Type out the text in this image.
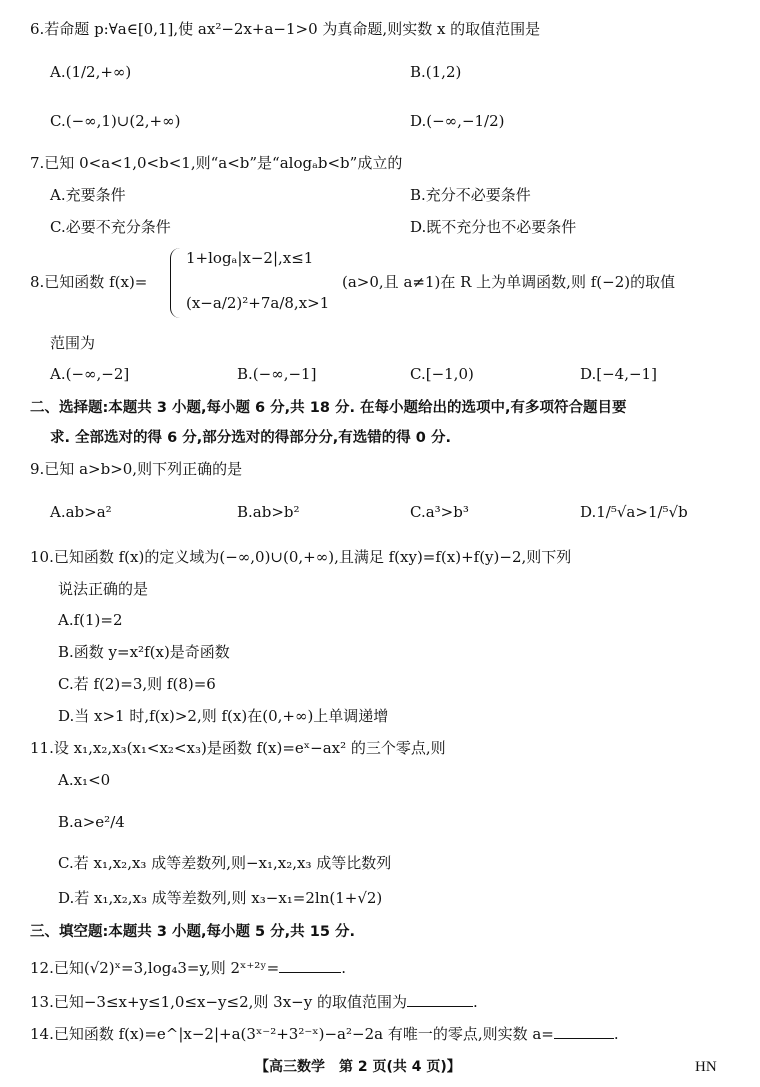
6.若命题 p:∀a∈[0,1],使 ax²−2x+a−1>0 为真命题,则实数 x 的取值范围是
A.(1/2,+∞)	B.(1,2)
C.(−∞,1)∪(2,+∞)	D.(−∞,−1/2)
7.已知 0<a<1,0<b<1,则“a<b”是“alogₐb<b”成立的
A.充要条件	B.充分不必要条件
C.必要不充分条件	D.既不充分也不必要条件
8.已知函数 f(x)=
1+logₐ|x−2|,x≤1
(x−a/2)²+7a/8,x>1
(a>0,且 a≠1)在 R 上为单调函数,则 f(−2)的取值
范围为
A.(−∞,−2]	B.(−∞,−1]	C.[−1,0)	D.[−4,−1]
二、选择题:本题共 3 小题,每小题 6 分,共 18 分. 在每小题给出的选项中,有多项符合题目要
求. 全部选对的得 6 分,部分选对的得部分分,有选错的得 0 分.
9.已知 a>b>0,则下列正确的是
A.ab>a²	B.ab>b²	C.a³>b³	D.1/⁵√a>1/⁵√b
10.已知函数 f(x)的定义域为(−∞,0)∪(0,+∞),且满足 f(xy)=f(x)+f(y)−2,则下列
说法正确的是
A.f(1)=2
B.函数 y=x²f(x)是奇函数
C.若 f(2)=3,则 f(8)=6
D.当 x>1 时,f(x)>2,则 f(x)在(0,+∞)上单调递增
11.设 x₁,x₂,x₃(x₁<x₂<x₃)是函数 f(x)=eˣ−ax² 的三个零点,则
A.x₁<0
B.a>e²/4
C.若 x₁,x₂,x₃ 成等差数列,则−x₁,x₂,x₃ 成等比数列
D.若 x₁,x₂,x₃ 成等差数列,则 x₃−x₁=2ln(1+√2)
三、填空题:本题共 3 小题,每小题 5 分,共 15 分.
12.已知(√2)ˣ=3,log₄3=y,则 2ˣ⁺²ʸ=	.
13.已知−3≤x+y≤1,0≤x−y≤2,则 3x−y 的取值范围为	.
14.已知函数 f(x)=e^|x−2|+a(3ˣ⁻²+3²⁻ˣ)−a²−2a 有唯一的零点,则实数 a=	.
【高三数学　第 2 页(共 4 页)】	HN
